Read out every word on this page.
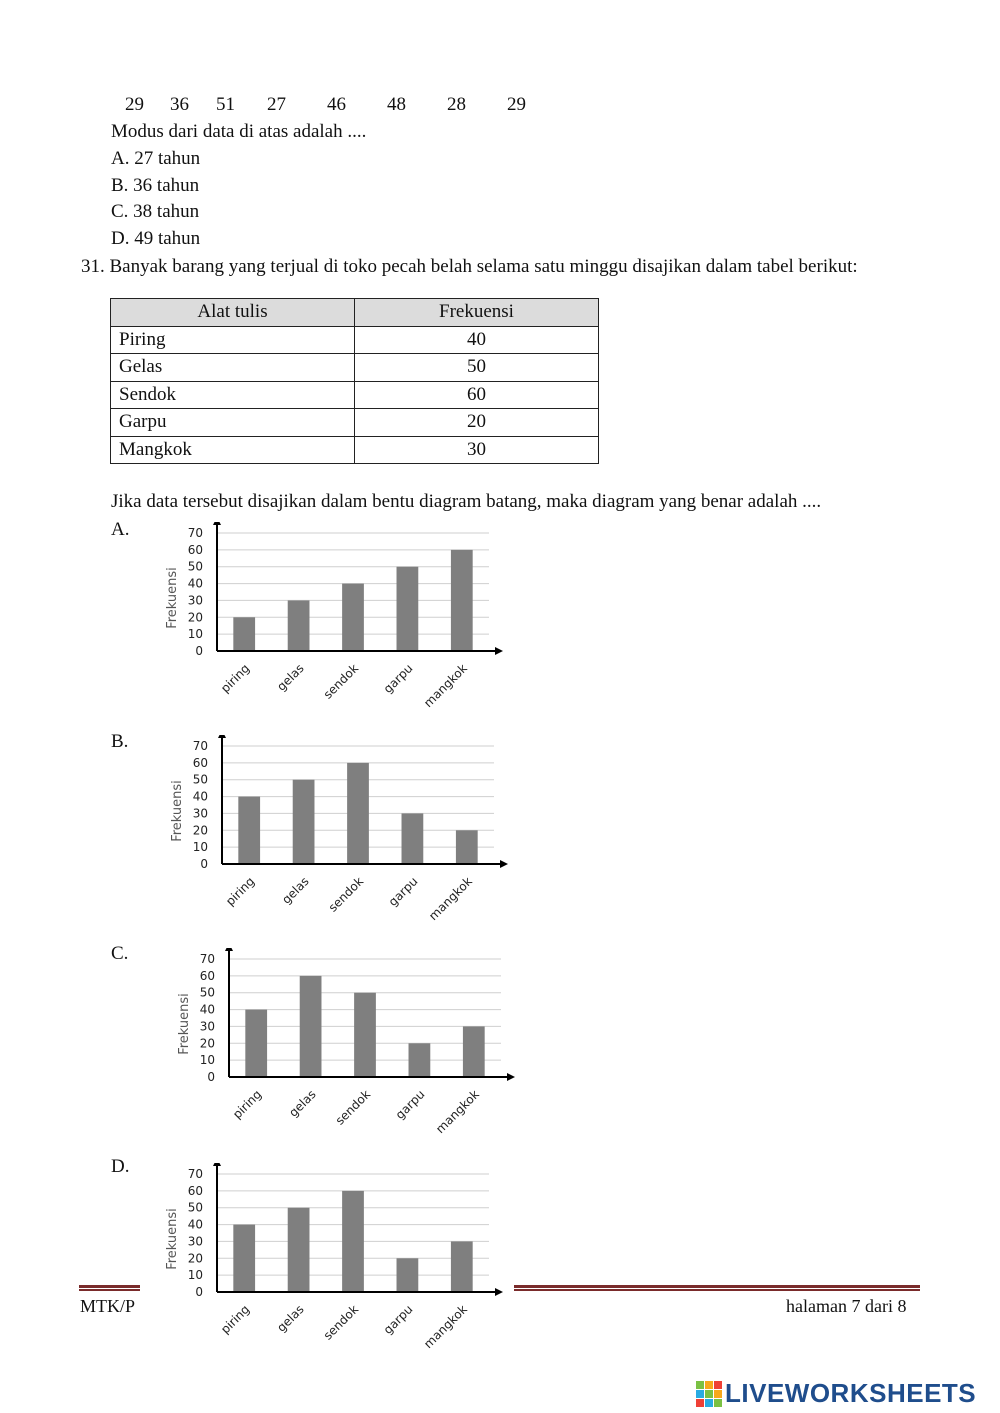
29 36 51 27 46 48 28 29
Modus dari data di atas adalah ....
A. 27 tahun
B. 36 tahun
C. 38 tahun
D. 49 tahun
31. Banyak barang yang terjual di toko pecah belah selama satu minggu disajikan dalam tabel berikut:
Alat tulis	Frekuensi
Piring	40
Gelas	50
Sendok	60
Garpu	20
Mangkok	30
Jika data tersebut disajikan dalam bentu diagram batang, maka diagram yang benar adalah ....
A.
B.
C.
D.
MTK/P	halaman 7 dari 8
0
10
20
30
40
50
60
70
Frekuensi
piring gelas sendok garpu mangkok
0
10
20
30
40
50
60
70
Frekuensi
piring gelas sendok garpu mangkok
0
10
20
30
40
50
60
70
Frekuensi
piring gelas sendok garpu mangkok
0
10
20
30
40
50
60
70
Frekuensi
piring gelas sendok garpu mangkok
LIVEWORKSHEETS
